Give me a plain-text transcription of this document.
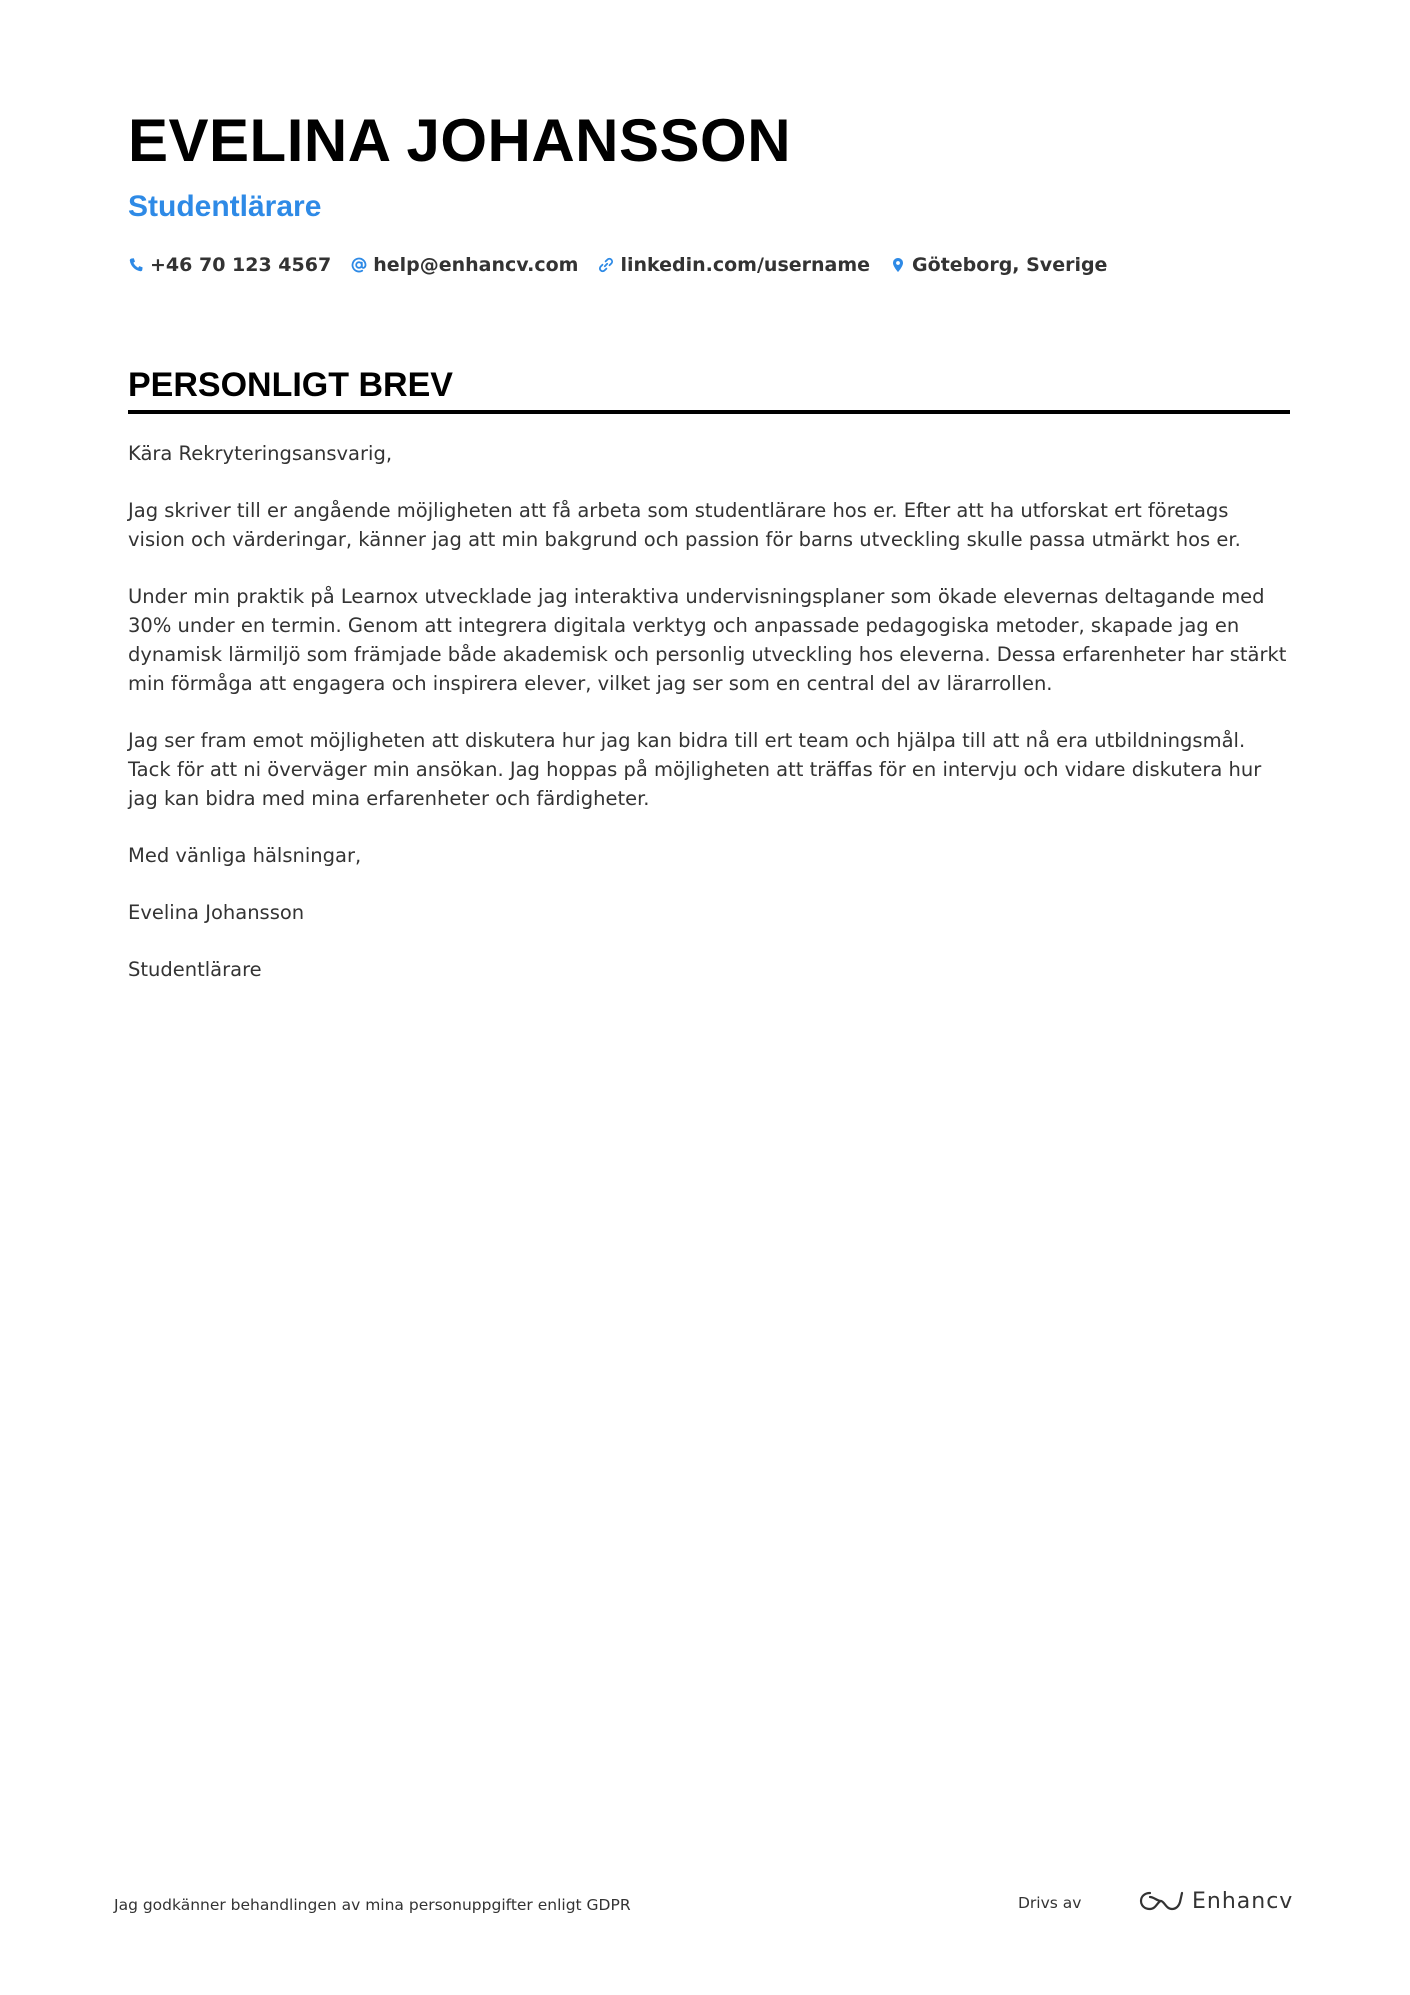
EVELINA JOHANSSON
Studentlärare
+46 70 123 4567 help@enhancv.com linkedin.com/username Göteborg, Sverige
PERSONLIGT BREV

Kära Rekryteringsansvarig,

Jag skriver till er angående möjligheten att få arbeta som studentlärare hos er. Efter att ha utforskat ert företags vision och värderingar, känner jag att min bakgrund och passion för barns utveckling skulle passa utmärkt hos er.

Under min praktik på Learnox utvecklade jag interaktiva undervisningsplaner som ökade elevernas deltagande med 30% under en termin. Genom att integrera digitala verktyg och anpassade pedagogiska metoder, skapade jag en dynamisk lärmiljö som främjade både akademisk och personlig utveckling hos eleverna. Dessa erfarenheter har stärkt min förmåga att engagera och inspirera elever, vilket jag ser som en central del av lärarrollen.

Jag ser fram emot möjligheten att diskutera hur jag kan bidra till ert team och hjälpa till att nå era utbildningsmål. Tack för att ni överväger min ansökan. Jag hoppas på möjligheten att träffas för en intervju och vidare diskutera hur jag kan bidra med mina erfarenheter och färdigheter.

Med vänliga hälsningar,

Evelina Johansson

Studentlärare

Jag godkänner behandlingen av mina personuppgifter enligt GDPR	Drivs av	Enhancv
